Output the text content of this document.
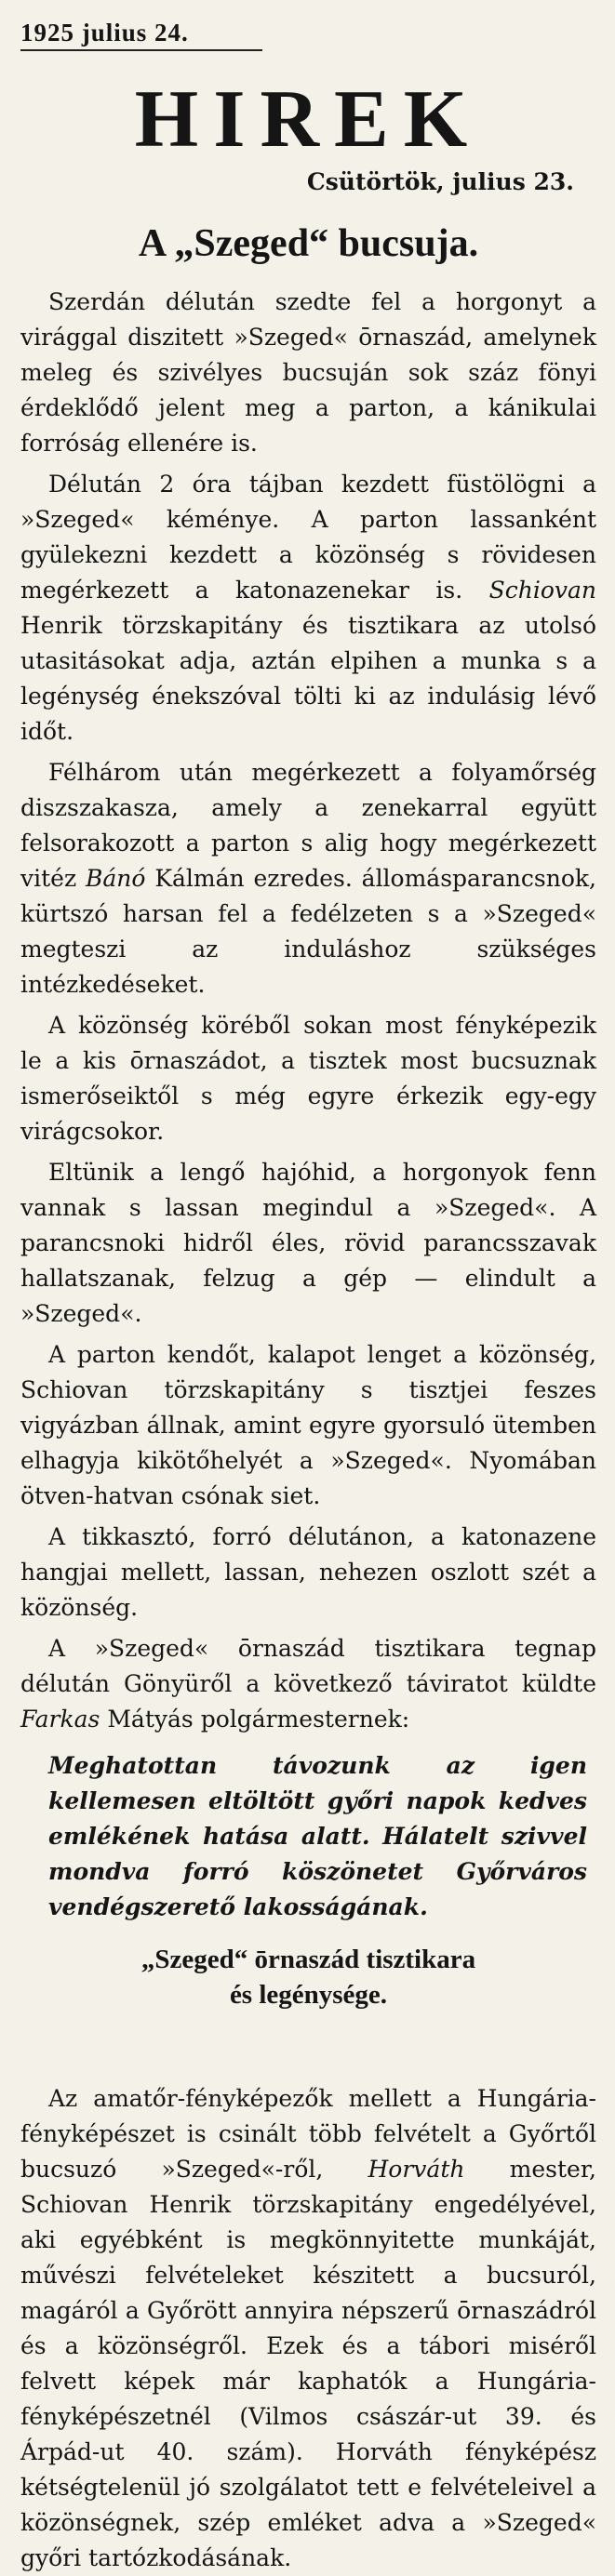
1925 julius 24.
HIREK
Csütörtök, julius 23.
A „Szeged“ bucsuja.

Szerdán délután szedte fel a horgonyt a virággal diszitett »Szeged« ōrnaszád, amelynek meleg és szivélyes bucsuján sok száz fönyi érdeklődő jelent meg a parton, a kánikulai forróság ellenére is.

Délután 2 óra tájban kezdett füstölögni a »Szeged« kéménye. A parton lassanként gyülekezni kezdett a közönség s rövidesen megérkezett a katonazenekar is. Schiovan Henrik törzskapitány és tisztikara az utolsó utasitásokat adja, aztán elpihen a munka s a legénység énekszóval tölti ki az indulásig lévő időt.

Félhárom után megérkezett a folyamőrség diszszakasza, amely a zenekarral együtt felsorakozott a parton s alig hogy megérkezett vitéz Bánó Kálmán ezredes. állomásparancsnok, kürtszó harsan fel a fedélzeten s a »Szeged« megteszi az induláshoz szükséges intézkedéseket.

A közönség köréből sokan most fényképezik le a kis ōrnaszádot, a tisztek most bucsuznak ismerőseiktől s még egyre érkezik egy-egy virágcsokor.

Eltünik a lengő hajóhid, a horgonyok fenn vannak s lassan megindul a »Szeged«. A parancsnoki hidről éles, rövid parancsszavak hallatszanak, felzug a gép — elindult a »Szeged«.

A parton kendőt, kalapot lenget a közönség, Schiovan törzskapitány s tisztjei feszes vigyázban állnak, amint egyre gyorsuló ütemben elhagyja kikötőhelyét a »Szeged«. Nyomában ötven-hatvan csónak siet.

A tikkasztó, forró délutánon, a katonazene hangjai mellett, lassan, nehezen oszlott szét a közönség.

A »Szeged« ōrnaszád tisztikara tegnap délután Gönyüről a következő táviratot küldte Farkas Mátyás polgármesternek:

Meghatottan távozunk az igen kellemesen eltöltött győri napok kedves emlékének hatása alatt. Hálatelt szivvel mondva forró köszönetet Győrváros vendégszerető lakosságának.
„Szeged“ ōrnaszád tisztikara
és legénysége.

Az amatőr-fényképezők mellett a Hungária-fényképészet is csinált több felvételt a Győrtől bucsuzó »Szeged«-ről, Horváth mester, Schiovan Henrik törzskapitány engedélyével, aki egyébként is megkönnyitette munkáját, művészi felvételeket készitett a bucsuról, magáról a Győrött annyira népszerű ōrnaszádról és a közönségről. Ezek és a tábori miséről felvett képek már kaphatók a Hungária-fényképészetnél (Vilmos császár-ut 39. és Árpád-ut 40. szám). Horváth fényképész kétségtelenül jó szolgálatot tett e felvételeivel a közönségnek, szép emléket adva a »Szeged« győri tartózkodásának.
